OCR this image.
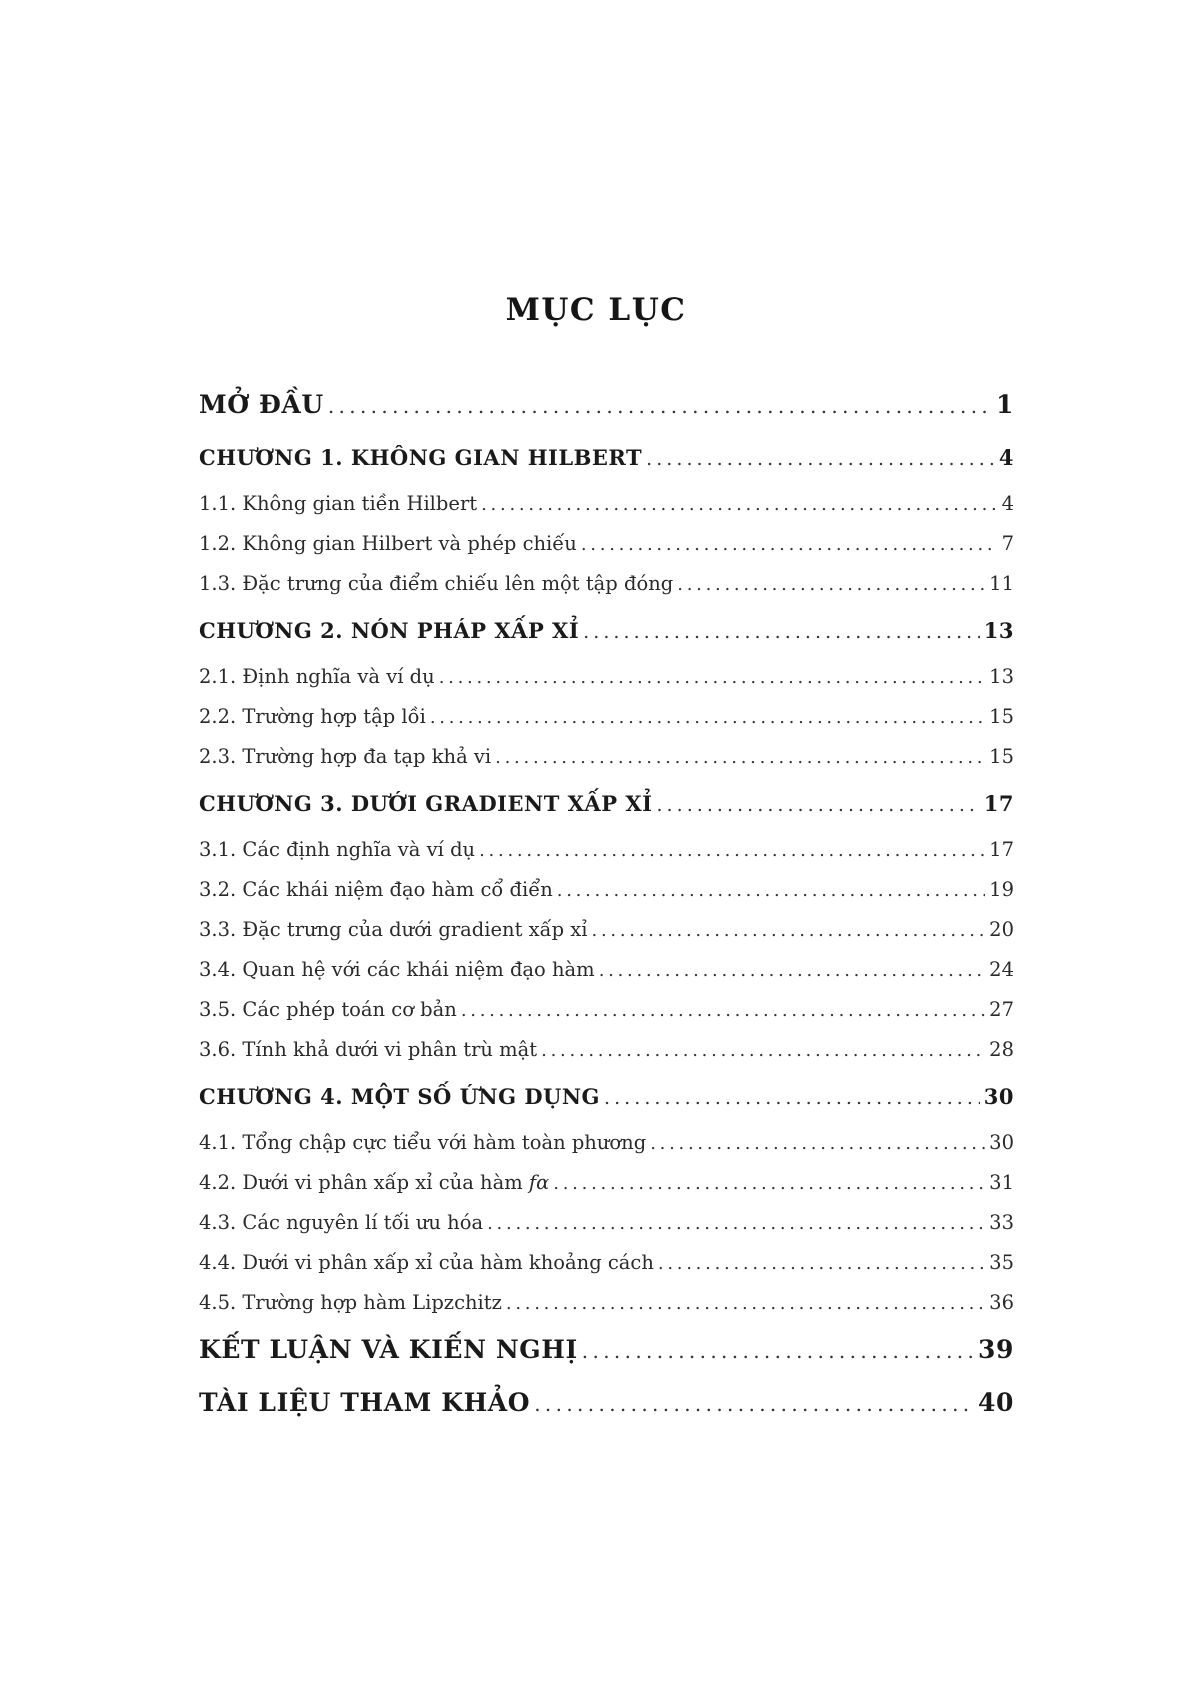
MỤC LỤC
MỞ ĐẦU . . .	1
CHƯƠNG 1. KHÔNG GIAN HILBERT . . .	4
1.1. Không gian tiền Hilbert . . .	4
1.2. Không gian Hilbert và phép chiếu . . .	7
1.3. Đặc trưng của điểm chiếu lên một tập đóng . . .	11
CHƯƠNG 2. NÓN PHÁP XẤP XỈ . . .	13
2.1. Định nghĩa và ví dụ . . .	13
2.2. Trường hợp tập lồi . . .	15
2.3. Trường hợp đa tạp khả vi . . .	15
CHƯƠNG 3. DƯỚI GRADIENT XẤP XỈ . . .	17
3.1. Các định nghĩa và ví dụ . . .	17
3.2. Các khái niệm đạo hàm cổ điển . . .	19
3.3. Đặc trưng của dưới gradient xấp xỉ . . .	20
3.4. Quan hệ với các khái niệm đạo hàm . . .	24
3.5. Các phép toán cơ bản . . .	27
3.6. Tính khả dưới vi phân trù mật . . .	28
CHƯƠNG 4. MỘT SỐ ỨNG DỤNG . . .	30
4.1. Tổng chập cực tiểu với hàm toàn phương . . .	30
4.2. Dưới vi phân xấp xỉ của hàm fα . . .	31
4.3. Các nguyên lí tối ưu hóa . . .	33
4.4. Dưới vi phân xấp xỉ của hàm khoảng cách . . .	35
4.5. Trường hợp hàm Lipzchitz . . .	36
KẾT LUẬN VÀ KIẾN NGHỊ . . .	39
TÀI LIỆU THAM KHẢO . . .	40
